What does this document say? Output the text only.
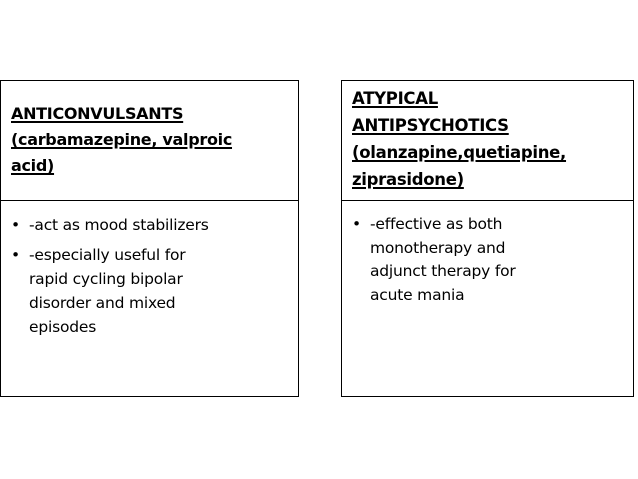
ANTICONVULSANTS
(carbamazepine, valproic
acid)
• -act as mood stabilizers
• -especially useful for
rapid cycling bipolar
disorder and mixed
episodes
ATYPICAL
ANTIPSYCHOTICS
(olanzapine,quetiapine,
ziprasidone)
• -effective as both
monotherapy and
adjunct therapy for
acute mania
